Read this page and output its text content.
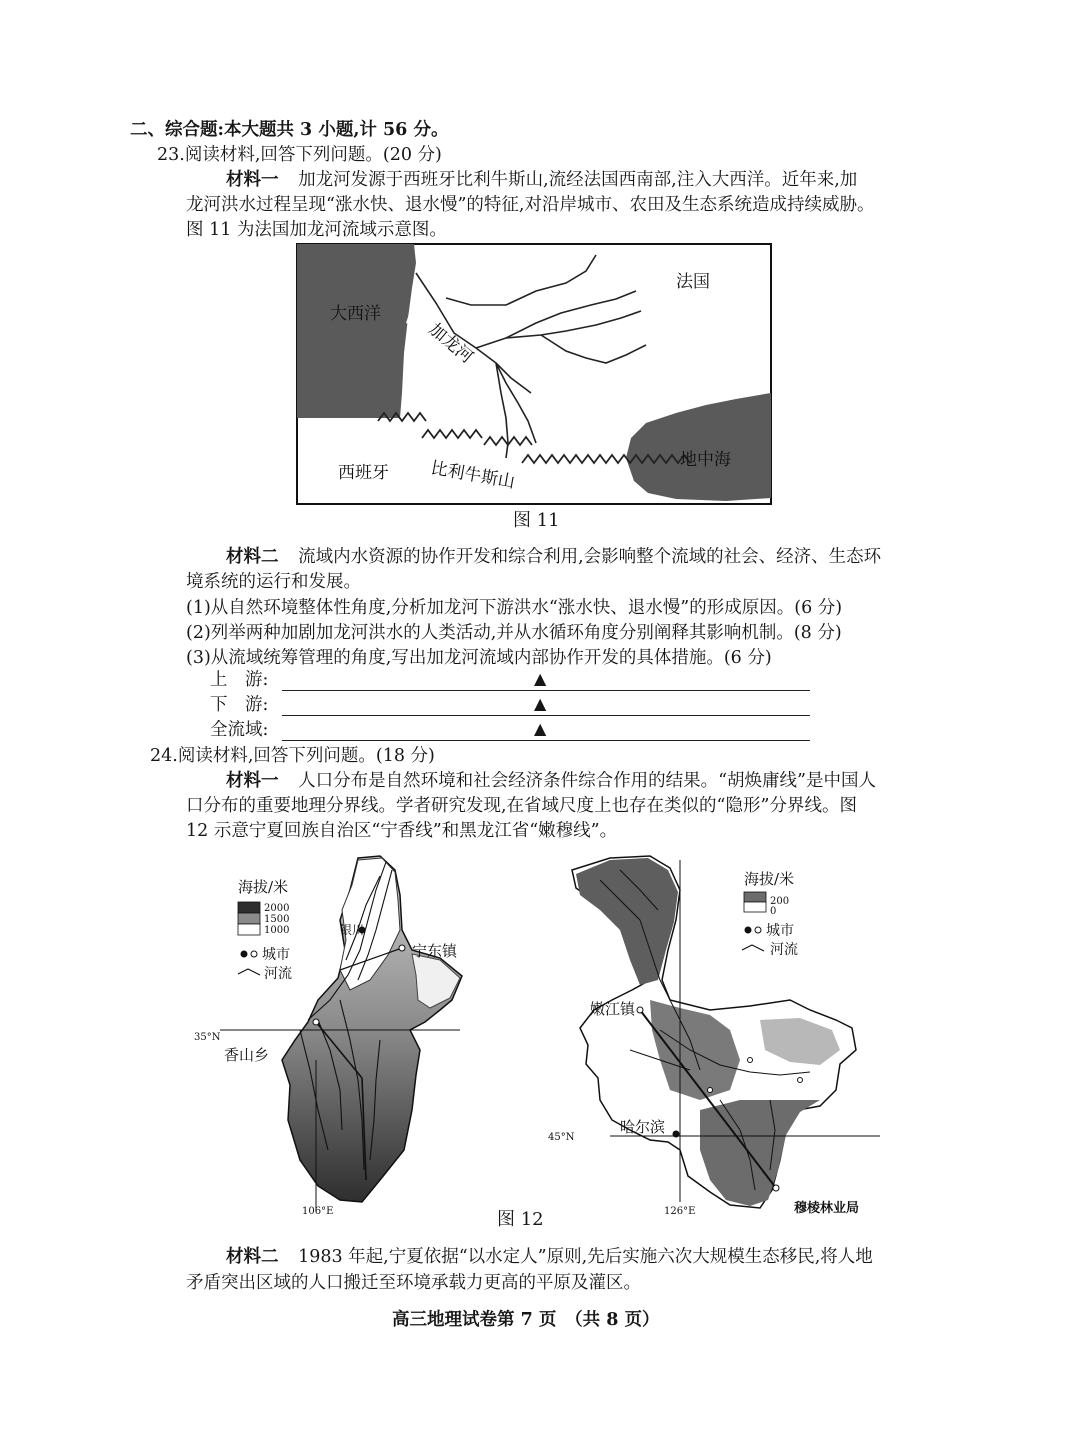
二、综合题:本大题共 3 小题,计 56 分。
23.阅读材料,回答下列问题。(20 分)
材料一 加龙河发源于西班牙比利牛斯山,流经法国西南部,注入大西洋。近年来,加
龙河洪水过程呈现“涨水快、退水慢”的特征,对沿岸城市、农田及生态系统造成持续威胁。
图 11 为法国加龙河流域示意图。
大西洋
法国
加龙河
西班牙 比利牛斯山	地中海
图 11
材料二 流域内水资源的协作开发和综合利用,会影响整个流域的社会、经济、生态环
境系统的运行和发展。
(1)从自然环境整体性角度,分析加龙河下游洪水“涨水快、退水慢”的形成原因。(6 分)
(2)列举两种加剧加龙河洪水的人类活动,并从水循环角度分别阐释其影响机制。(8 分)
(3)从流域统筹管理的角度,写出加龙河流域内部协作开发的具体措施。(6 分)
上　游:	▲
下　游:	▲
全流域:	▲
24.阅读材料,回答下列问题。(18 分)
材料一 人口分布是自然环境和社会经济条件综合作用的结果。“胡焕庸线”是中国人
口分布的重要地理分界线。学者研究发现,在省域尺度上也存在类似的“隐形”分界线。图
12 示意宁夏回族自治区“宁香线”和黑龙江省“嫩穆线”。
海拔/米
2000
1500
1000
城市
河流
银川
宁东镇
香山乡
35°N
106°E
海拔/米
200
0
城市
河流
嫩江镇
哈尔滨
穆棱林业局
45°N
126°E
图 12
材料二 1983 年起,宁夏依据“以水定人”原则,先后实施六次大规模生态移民,将人地
矛盾突出区域的人口搬迁至环境承载力更高的平原及灌区。
高三地理试卷第 7 页　（共 8 页）
